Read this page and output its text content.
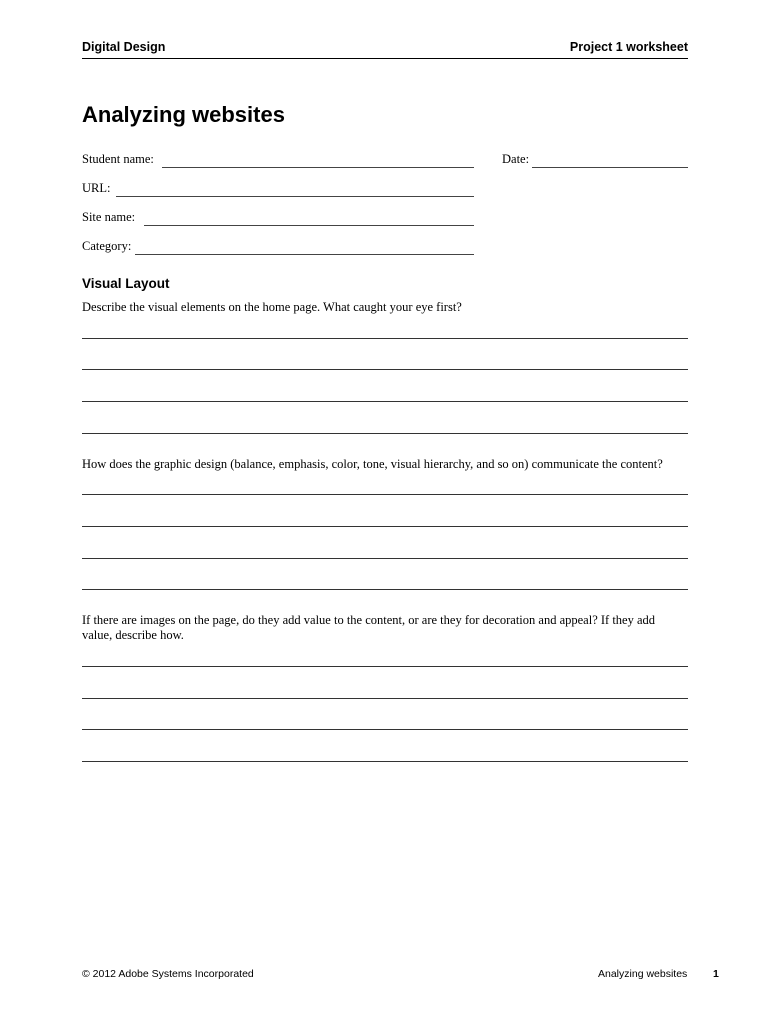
Digital Design	Project 1 worksheet
Analyzing websites
Student name:	Date:
URL:
Site name:
Category:
Visual Layout

Describe the visual elements on the home page. What caught your eye first?

How does the graphic design (balance, emphasis, color, tone, visual hierarchy, and so on) communicate the content?

If there are images on the page, do they add value to the content, or are they for decoration and appeal? If they add value, describe how.

© 2012 Adobe Systems Incorporated	Analyzing websites 1
